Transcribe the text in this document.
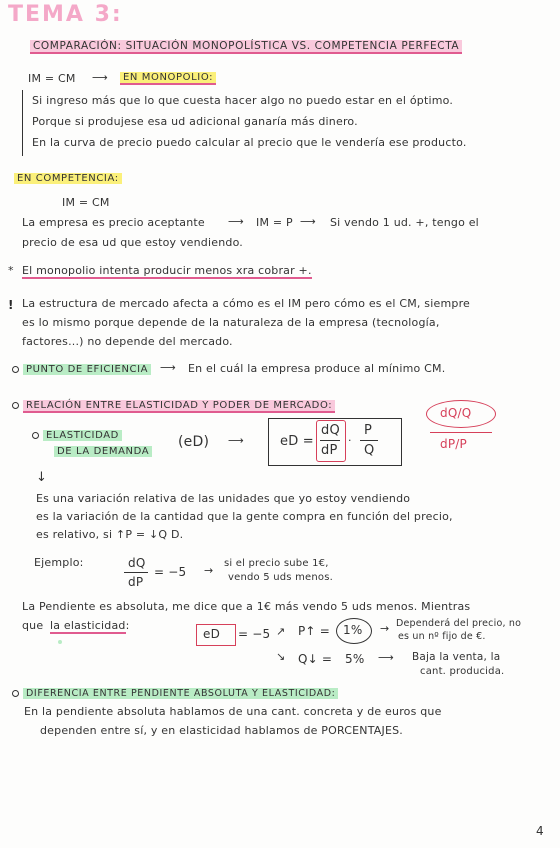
TEMA 3:
COMPARACIÓN: SITUACIÓN MONOPOLÍSTICA VS. COMPETENCIA PERFECTA
IM = CM ⟶	EN MONOPOLIO:
Si ingreso más que lo que cuesta hacer algo no puedo estar en el óptimo.
Porque si produjese esa ud adicional ganaría más dinero.
En la curva de precio puedo calcular al precio que le vendería ese producto.
EN COMPETENCIA:
IM = CM
La empresa es precio aceptante ⟶ IM = P ⟶ Si vendo 1 ud. +, tengo el
precio de esa ud que estoy vendiendo.
* El monopolio intenta producir menos xra cobrar +.
! La estructura de mercado afecta a cómo es el IM pero cómo es el CM, siempre
es lo mismo porque depende de la naturaleza de la empresa (tecnología,
factores...) no depende del mercado.
PUNTO DE EFICIENCIA ⟶ En el cuál la empresa produce al mínimo CM.
RELACIÓN ENTRE ELASTICIDAD Y PODER DE MERCADO:
dQ/Q
dP/P
ELASTICIDAD
DE LA DEMANDA
(eD) ⟶	eD =
dQ
dP
·
P
Q
↓
Es una variación relativa de las unidades que yo estoy vendiendo
es la variación de la cantidad que la gente compra en función del precio,
es relativo, si ↑P = ↓Q D.
Ejemplo:	dQ
dP
= −5 →
si el precio sube 1€,
vendo 5 uds menos.
La Pendiente es absoluta, me dice que a 1€ más vendo 5 uds menos. Mientras
que la elasticidad:
eD = −5 ↗ P↑ = 1% → Dependerá del precio, no
es un nº fijo de €.
↘ Q↓ = 5% ⟶ Baja la venta, la
cant. producida.
DIFERENCIA ENTRE PENDIENTE ABSOLUTA Y ELASTICIDAD:
En la pendiente absoluta hablamos de una cant. concreta y de euros que
dependen entre sí, y en elasticidad hablamos de PORCENTAJES.
4
